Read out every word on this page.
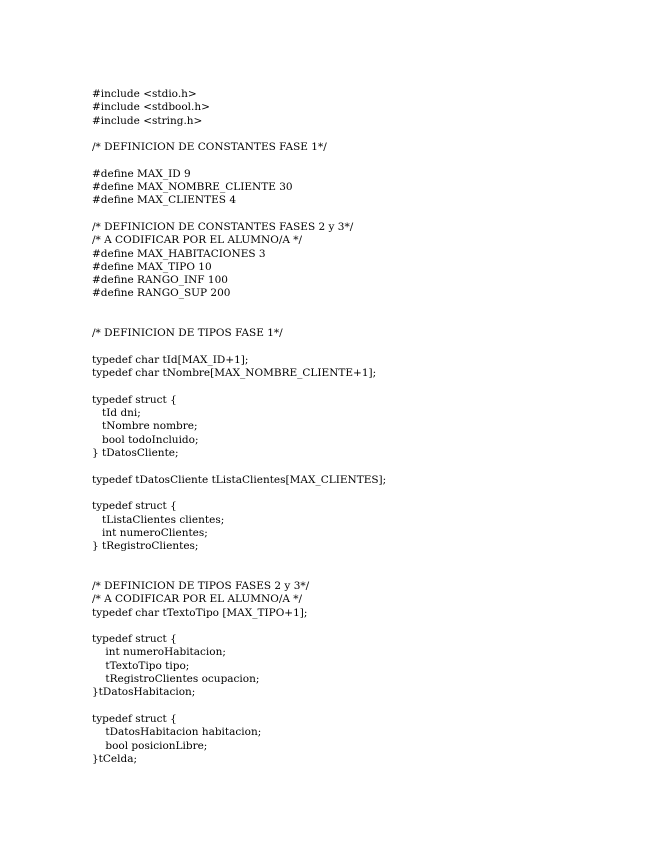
#include <stdio.h>
#include <stdbool.h>
#include <string.h>
/* DEFINICION DE CONSTANTES FASE 1*/
#define MAX_ID 9
#define MAX_NOMBRE_CLIENTE 30
#define MAX_CLIENTES 4
/* DEFINICION DE CONSTANTES FASES 2 y 3*/
/* A CODIFICAR POR EL ALUMNO/A */
#define MAX_HABITACIONES 3
#define MAX_TIPO 10
#define RANGO_INF 100
#define RANGO_SUP 200
/* DEFINICION DE TIPOS FASE 1*/
typedef char tId[MAX_ID+1];
typedef char tNombre[MAX_NOMBRE_CLIENTE+1];
typedef struct {
tId dni;
tNombre nombre;
bool todoIncluido;
} tDatosCliente;
typedef tDatosCliente tListaClientes[MAX_CLIENTES];
typedef struct {
tListaClientes clientes;
int numeroClientes;
} tRegistroClientes;
/* DEFINICION DE TIPOS FASES 2 y 3*/
/* A CODIFICAR POR EL ALUMNO/A */
typedef char tTextoTipo [MAX_TIPO+1];
typedef struct {
int numeroHabitacion;
tTextoTipo tipo;
tRegistroClientes ocupacion;
}tDatosHabitacion;
typedef struct {
tDatosHabitacion habitacion;
bool posicionLibre;
}tCelda;
